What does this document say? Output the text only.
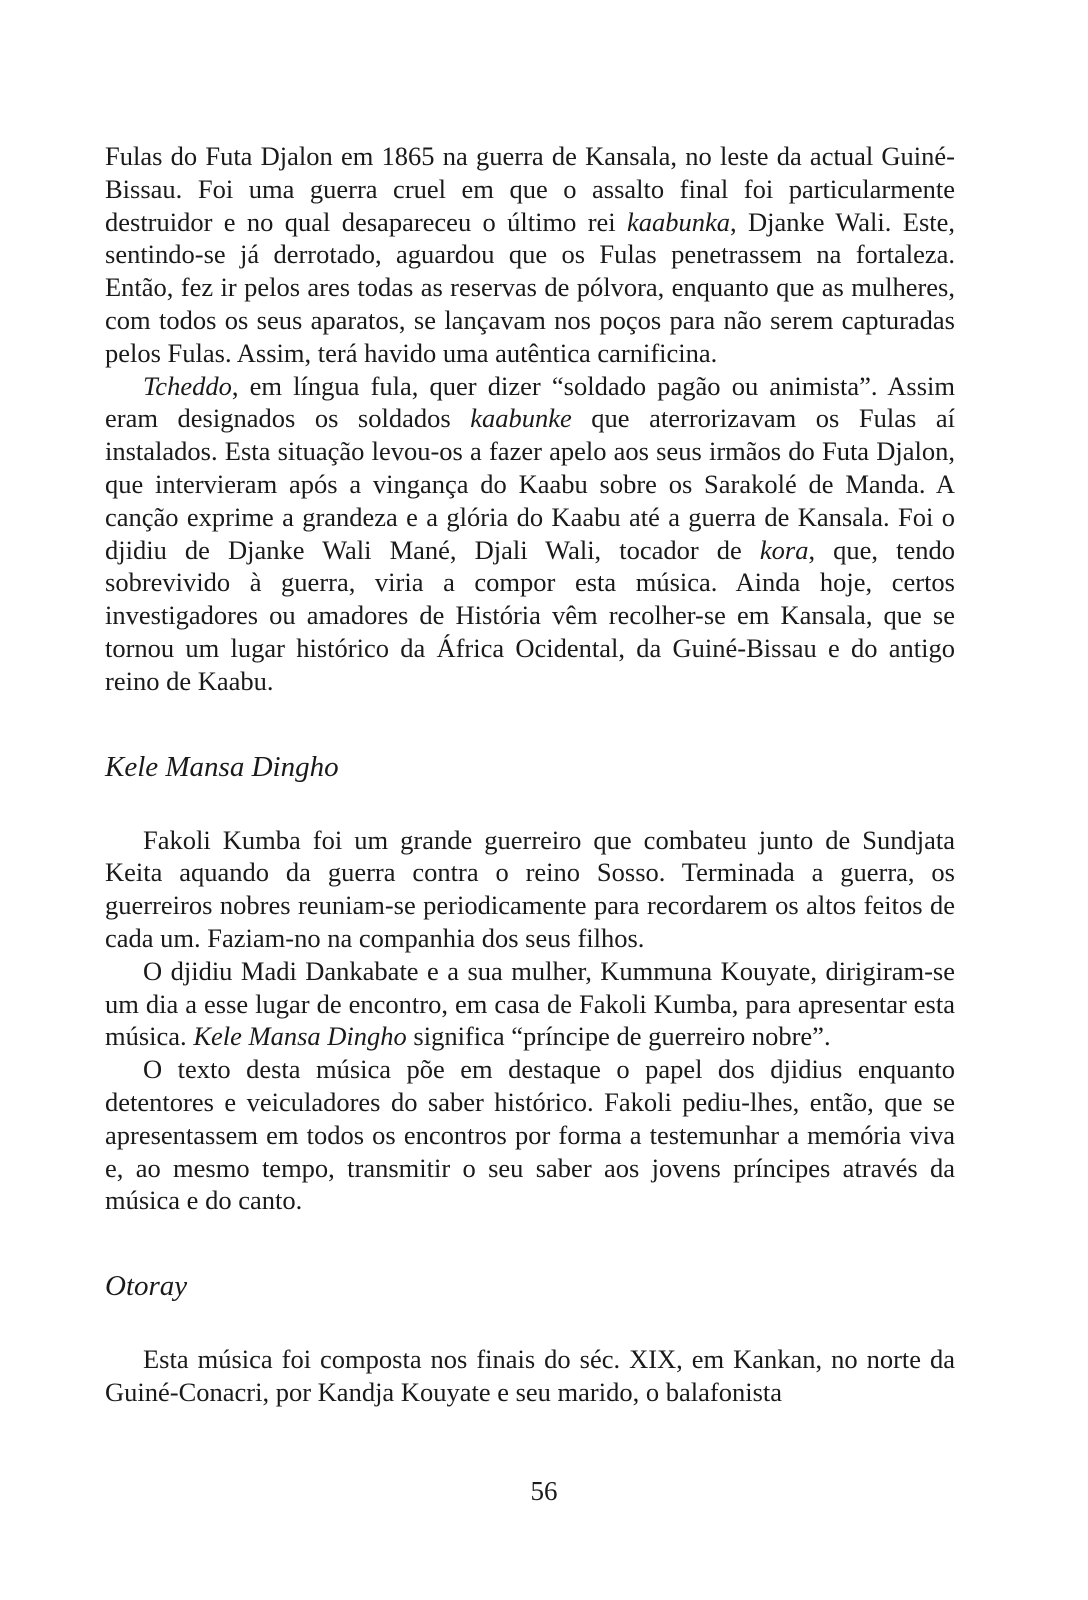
Fulas do Futa Djalon em 1865 na guerra de Kansala, no leste da actual Guiné-Bissau. Foi uma guerra cruel em que o assalto final foi particularmente destruidor e no qual desapareceu o último rei kaabunka, Djanke Wali. Este, sentindo-se já derrotado, aguardou que os Fulas penetrassem na fortaleza. Então, fez ir pelos ares todas as reservas de pólvora, enquanto que as mulheres, com todos os seus aparatos, se lançavam nos poços para não serem capturadas pelos Fulas. Assim, terá havido uma autêntica carnificina.

Tcheddo, em língua fula, quer dizer “soldado pagão ou animista”. Assim eram designados os soldados kaabunke que aterrorizavam os Fulas aí instalados. Esta situação levou-os a fazer apelo aos seus irmãos do Futa Djalon, que intervieram após a vingança do Kaabu sobre os Sarakolé de Manda. A canção exprime a grandeza e a glória do Kaabu até a guerra de Kansala. Foi o djidiu de Djanke Wali Mané, Djali Wali, tocador de kora, que, tendo sobrevivido à guerra, viria a compor esta música. Ainda hoje, certos investigadores ou amadores de História vêm recolher-se em Kansala, que se tornou um lugar histórico da África Ocidental, da Guiné-Bissau e do antigo reino de Kaabu.

Kele Mansa Dingho

Fakoli Kumba foi um grande guerreiro que combateu junto de Sundjata Keita aquando da guerra contra o reino Sosso. Terminada a guerra, os guerreiros nobres reuniam-se periodicamente para recordarem os altos feitos de cada um. Faziam-no na companhia dos seus filhos.

O djidiu Madi Dankabate e a sua mulher, Kummuna Kouyate, dirigiram-se um dia a esse lugar de encontro, em casa de Fakoli Kumba, para apresentar esta música. Kele Mansa Dingho significa “príncipe de guerreiro nobre”.

O texto desta música põe em destaque o papel dos djidius enquanto detentores e veiculadores do saber histórico. Fakoli pediu-lhes, então, que se apresentassem em todos os encontros por forma a testemunhar a memória viva e, ao mesmo tempo, transmitir o seu saber aos jovens príncipes através da música e do canto.

Otoray

Esta música foi composta nos finais do séc. XIX, em Kankan, no norte da Guiné-Conacri, por Kandja Kouyate e seu marido, o balafonista

56
